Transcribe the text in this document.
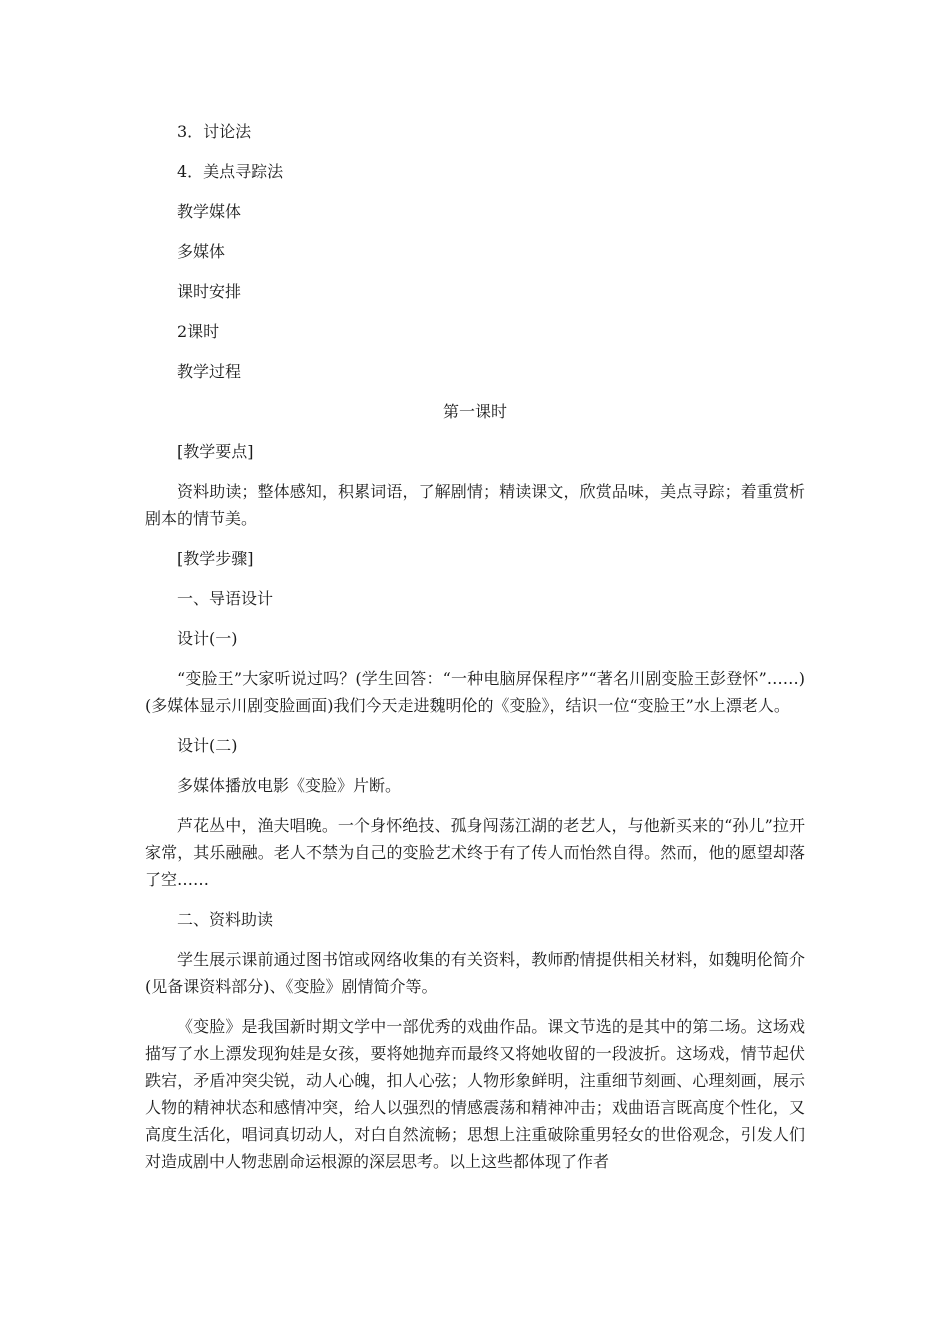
3．讨论法

4．美点寻踪法

教学媒体

多媒体

课时安排

2课时

教学过程

第一课时

[教学要点]

资料助读；整体感知，积累词语，了解剧情；精读课文，欣赏品味，美点寻踪；着重赏析剧本的情节美。

[教学步骤]

一、导语设计

设计(一)

“变脸王”大家听说过吗？(学生回答：“一种电脑屏保程序”“著名川剧变脸王彭登怀”……)(多媒体显示川剧变脸画面)我们今天走进魏明伦的《变脸》，结识一位“变脸王”水上漂老人。

设计(二)

多媒体播放电影《变脸》片断。

芦花丛中，渔夫唱晚。一个身怀绝技、孤身闯荡江湖的老艺人，与他新买来的“孙儿”拉开家常，其乐融融。老人不禁为自己的变脸艺术终于有了传人而怡然自得。然而，他的愿望却落了空……

二、资料助读

学生展示课前通过图书馆或网络收集的有关资料，教师酌情提供相关材料，如魏明伦简介(见备课资料部分)、《变脸》剧情简介等。

《变脸》是我国新时期文学中一部优秀的戏曲作品。课文节选的是其中的第二场。这场戏描写了水上漂发现狗娃是女孩，要将她抛弃而最终又将她收留的一段波折。这场戏，情节起伏跌宕，矛盾冲突尖锐，动人心魄，扣人心弦；人物形象鲜明，注重细节刻画、心理刻画，展示人物的精神状态和感情冲突，给人以强烈的情感震荡和精神冲击；戏曲语言既高度个性化，又高度生活化，唱词真切动人，对白自然流畅；思想上注重破除重男轻女的世俗观念，引发人们对造成剧中人物悲剧命运根源的深层思考。以上这些都体现了作者
